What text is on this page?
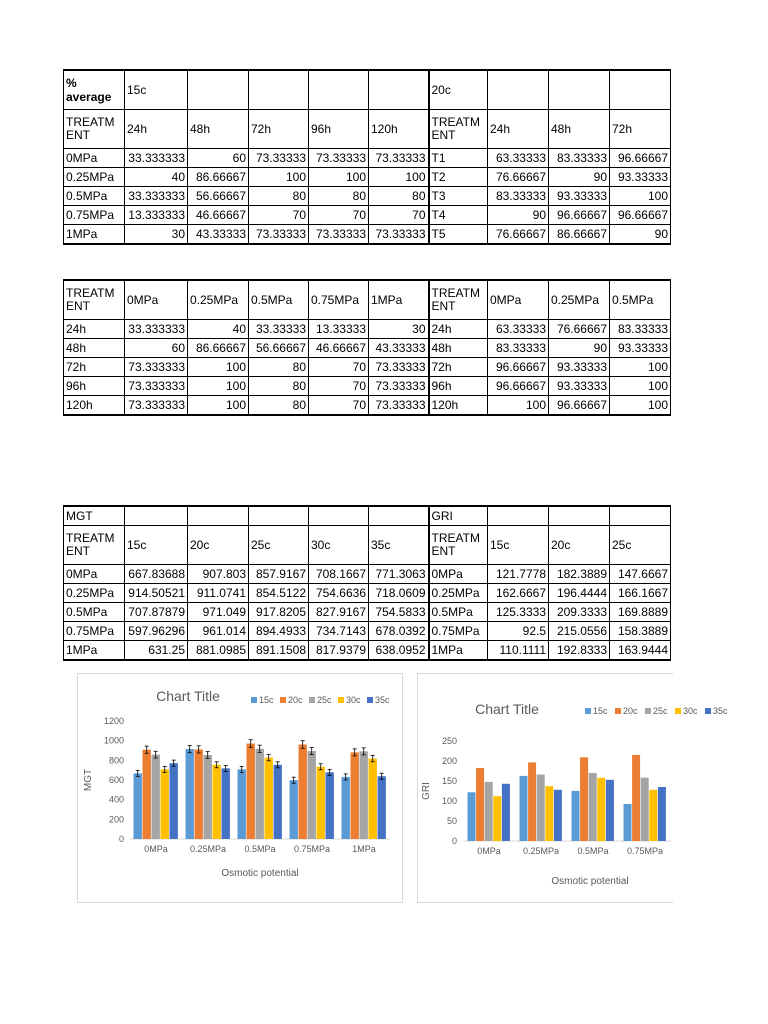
% average	15c					20c			
TREATMENT	24h	48h	72h	96h	120h	TREATMENT	24h	48h	72h
0MPa	33.333333	60	73.33333	73.33333	73.33333	T1	63.33333	83.33333	96.66667
0.25MPa	40	86.66667	100	100	100	T2	76.66667	90	93.33333
0.5MPa	33.333333	56.66667	80	80	80	T3	83.33333	93.33333	100
0.75MPa	13.333333	46.66667	70	70	70	T4	90	96.66667	96.66667
1MPa	30	43.33333	73.33333	73.33333	73.33333	T5	76.66667	86.66667	90
TREATMENT	0MPa	0.25MPa	0.5MPa	0.75MPa	1MPa	TREATMENT	0MPa	0.25MPa	0.5MPa
24h	33.333333	40	33.33333	13.33333	30	24h	63.33333	76.66667	83.33333
48h	60	86.66667	56.66667	46.66667	43.33333	48h	83.33333	90	93.33333
72h	73.333333	100	80	70	73.33333	72h	96.66667	93.33333	100
96h	73.333333	100	80	70	73.33333	96h	96.66667	93.33333	100
120h	73.333333	100	80	70	73.33333	120h	100	96.66667	100
MGT						GRI			
TREATMENT	15c	20c	25c	30c	35c	TREATMENT	15c	20c	25c
0MPa	667.83688	907.803	857.9167	708.1667	771.3063	0MPa	121.7778	182.3889	147.6667
0.25MPa	914.50521	911.0741	854.5122	754.6636	718.0609	0.25MPa	162.6667	196.4444	166.1667
0.5MPa	707.87879	971.049	917.8205	827.9167	754.5833	0.5MPa	125.3333	209.3333	169.8889
0.75MPa	597.96296	961.014	894.4933	734.7143	678.0392	0.75MPa	92.5	215.0556	158.3889
1MPa	631.25	881.0985	891.1508	817.9379	638.0952	1MPa	110.1111	192.8333	163.9444
Chart Title	15c 20c 25c 30c 35c
0
200
400
600
800
1000
1200
0MPa 0.25MPa 0.5MPa 0.75MPa 1MPa
Osmotic potential
MGT
Chart Title	15c 20c 25c 30c 35c
0
50
100
150
200
250
0MPa 0.25MPa 0.5MPa 0.75MPa
Osmotic potential
GRI
